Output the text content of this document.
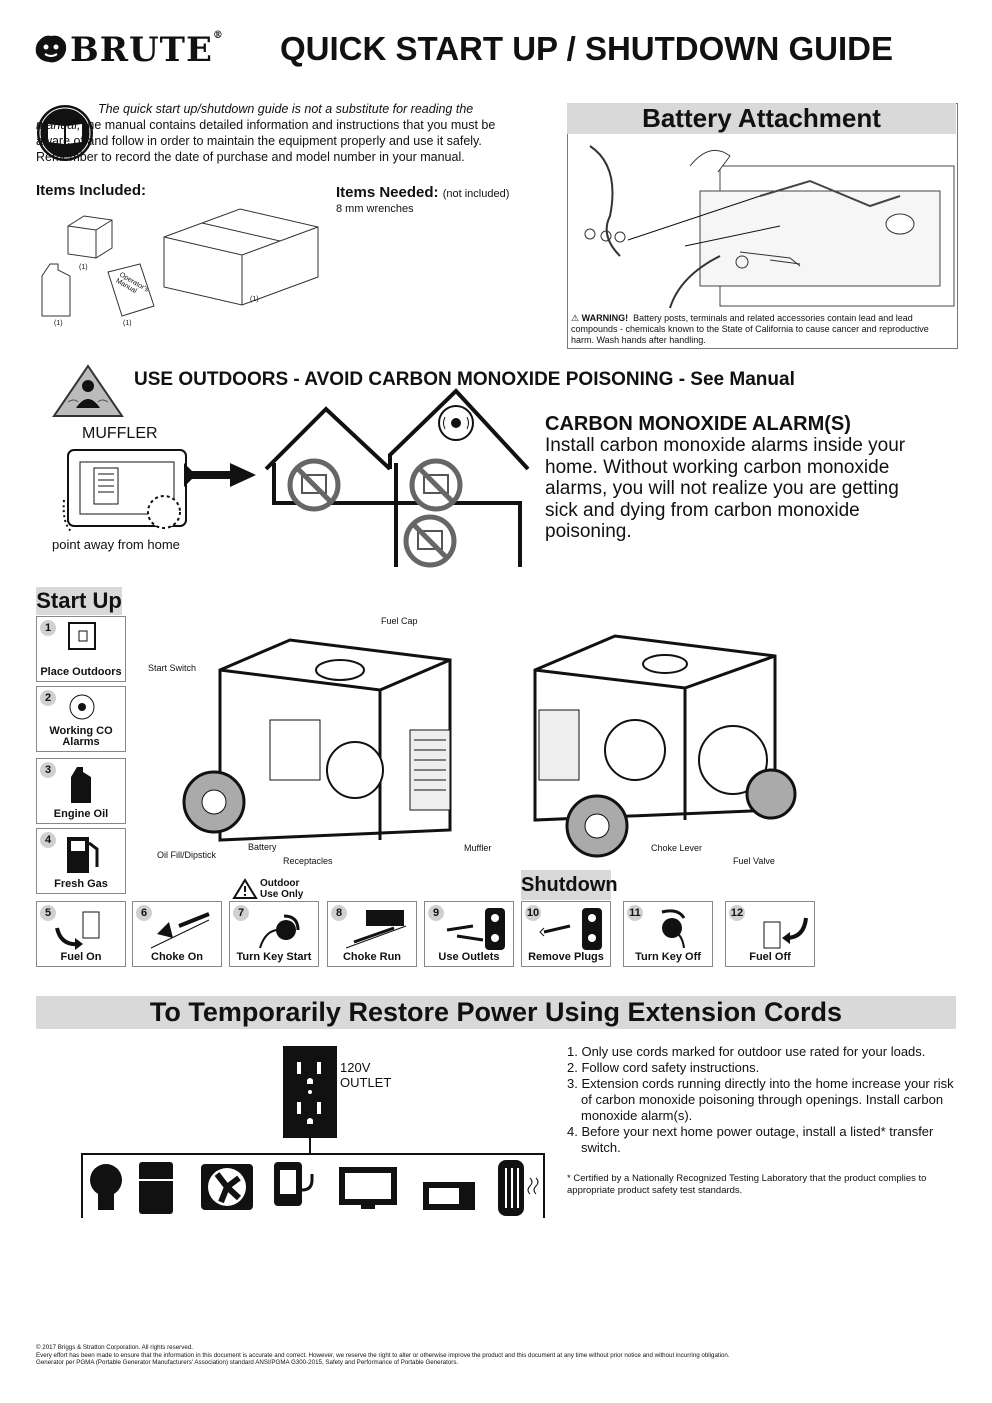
BRUTE® QUICK START UP / SHUTDOWN GUIDE
The quick start up/shutdown guide is not a substitute for reading the manual; the manual contains detailed information and instructions that you must be aware of and follow in order to maintain the equipment properly and use it safely. Remember to record the date of purchase and model number in your manual.
Items Included:	Items Needed: (not included)
8 mm wrenches
(1)
(1)
Operator's Manual
(1)
(1)
Battery Attachment
⚠ WARNING! Battery posts, terminals and related accessories contain lead and lead compounds - chemicals known to the State of California to cause cancer and reproductive harm. Wash hands after handling.
USE OUTDOORS - AVOID CARBON MONOXIDE POISONING - See Manual
MUFFLER
point away from home
CARBON MONOXIDE ALARM(S)
Install carbon monoxide alarms inside your home. Without working carbon monoxide alarms, you will not realize you are getting sick and dying from carbon monoxide poisoning.
Start Up
1
Place Outdoors
2
Working CO Alarms
3
Engine Oil
4
Fresh Gas
Fuel Cap
Start Switch
Battery
Oil Fill/Dipstick
Receptacles
Muffler	Choke Lever
Fuel Valve
Outdoor Use Only	Shutdown
5
Fuel On
6
Choke On
7
Turn Key Start
8
Choke Run
9
Use Outlets
10
Remove Plugs
11
Turn Key Off
12
Fuel Off
To Temporarily Restore Power Using Extension Cords
120V
OUTLET
1. Only use cords marked for outdoor use rated for your loads.
2. Follow cord safety instructions.
3. Extension cords running directly into the home increase your risk of carbon monoxide poisoning through openings. Install carbon monoxide alarm(s).
4. Before your next home power outage, install a listed* transfer switch.
* Certified by a Nationally Recognized Testing Laboratory that the product complies to appropriate product safety test standards.
© 2017 Briggs & Stratton Corporation. All rights reserved.
Every effort has been made to ensure that the information in this document is accurate and correct. However, we reserve the right to alter or otherwise improve the product and this document at any time without prior notice and without incurring obligation.
Generator per PGMA (Portable Generator Manufacturers' Association) standard ANSI/PGMA G300-2015, Safety and Performance of Portable Generators.
